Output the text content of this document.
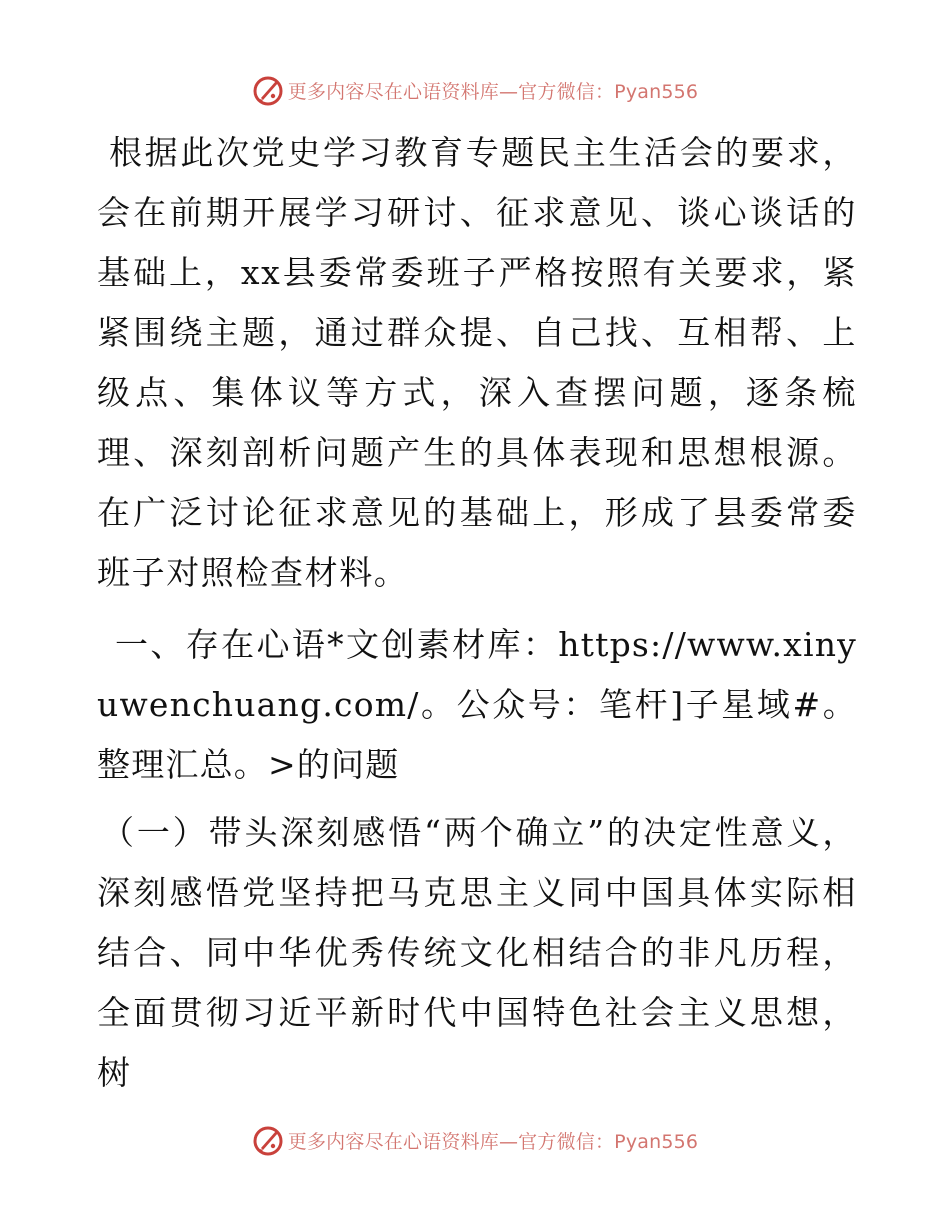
更多内容尽在心语资料库—官方微信：Pyan556

根据此次党史学习教育专题民主生活会的要求，会在前期开展学习研讨、征求意见、谈心谈话的基础上，xx县委常委班子严格按照有关要求，紧紧围绕主题，通过群众提、自己找、互相帮、上级点、集体议等方式，深入查摆问题，逐条梳理、深刻剖析问题产生的具体表现和思想根源。在广泛讨论征求意见的基础上，形成了县委常委班子对照检查材料。

一、存在心语*文创素材库：https://www.xinyuwenchuang.com/。公众号：笔杆]子星域#。整理汇总。>的问题

（一）带头深刻感悟“两个确立”的决定性意义，深刻感悟党坚持把马克思主义同中国具体实际相结合、同中华优秀传统文化相结合的非凡历程，全面贯彻习近平新时代中国特色社会主义思想，树

更多内容尽在心语资料库—官方微信：Pyan556
